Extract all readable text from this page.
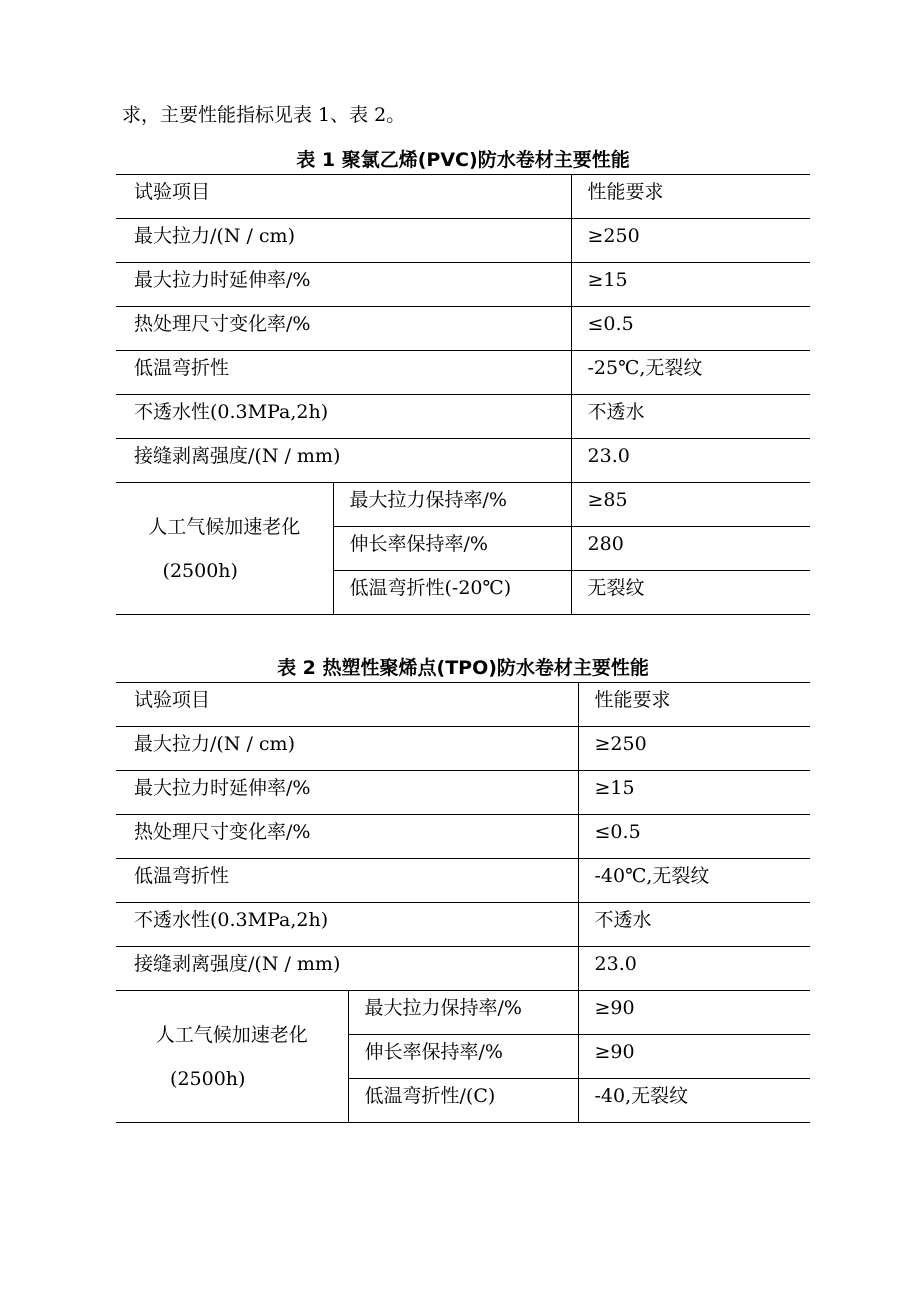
求，主要性能指标见表 1、表 2。
表 1 聚氯乙烯(PVC)防水卷材主要性能
试验项目		性能要求

最大拉力/(N / cm)		≥250

最大拉力时延伸率/%		≥15

热处理尺寸变化率/%		≤0.5

低温弯折性		-25℃,无裂纹

不透水性(0.3MPa,2h)		不透水

接缝剥离强度/(N / mm)		23.0

人工气候加速老化
(2500h)	最大拉力保持率/%	≥85

	伸长率保持率/%	280

	低温弯折性(-20℃)	无裂纹
表 2 热塑性聚烯点(TPO)防水卷材主要性能
试验项目		性能要求

最大拉力/(N / cm)		≥250

最大拉力时延伸率/%		≥15

热处理尺寸变化率/%		≤0.5

低温弯折性		-40℃,无裂纹

不透水性(0.3MPa,2h)		不透水

接缝剥离强度/(N / mm)		23.0

人工气候加速老化
(2500h)	最大拉力保持率/%	≥90

	伸长率保持率/%	≥90

	低温弯折性/(C)	-40,无裂纹
